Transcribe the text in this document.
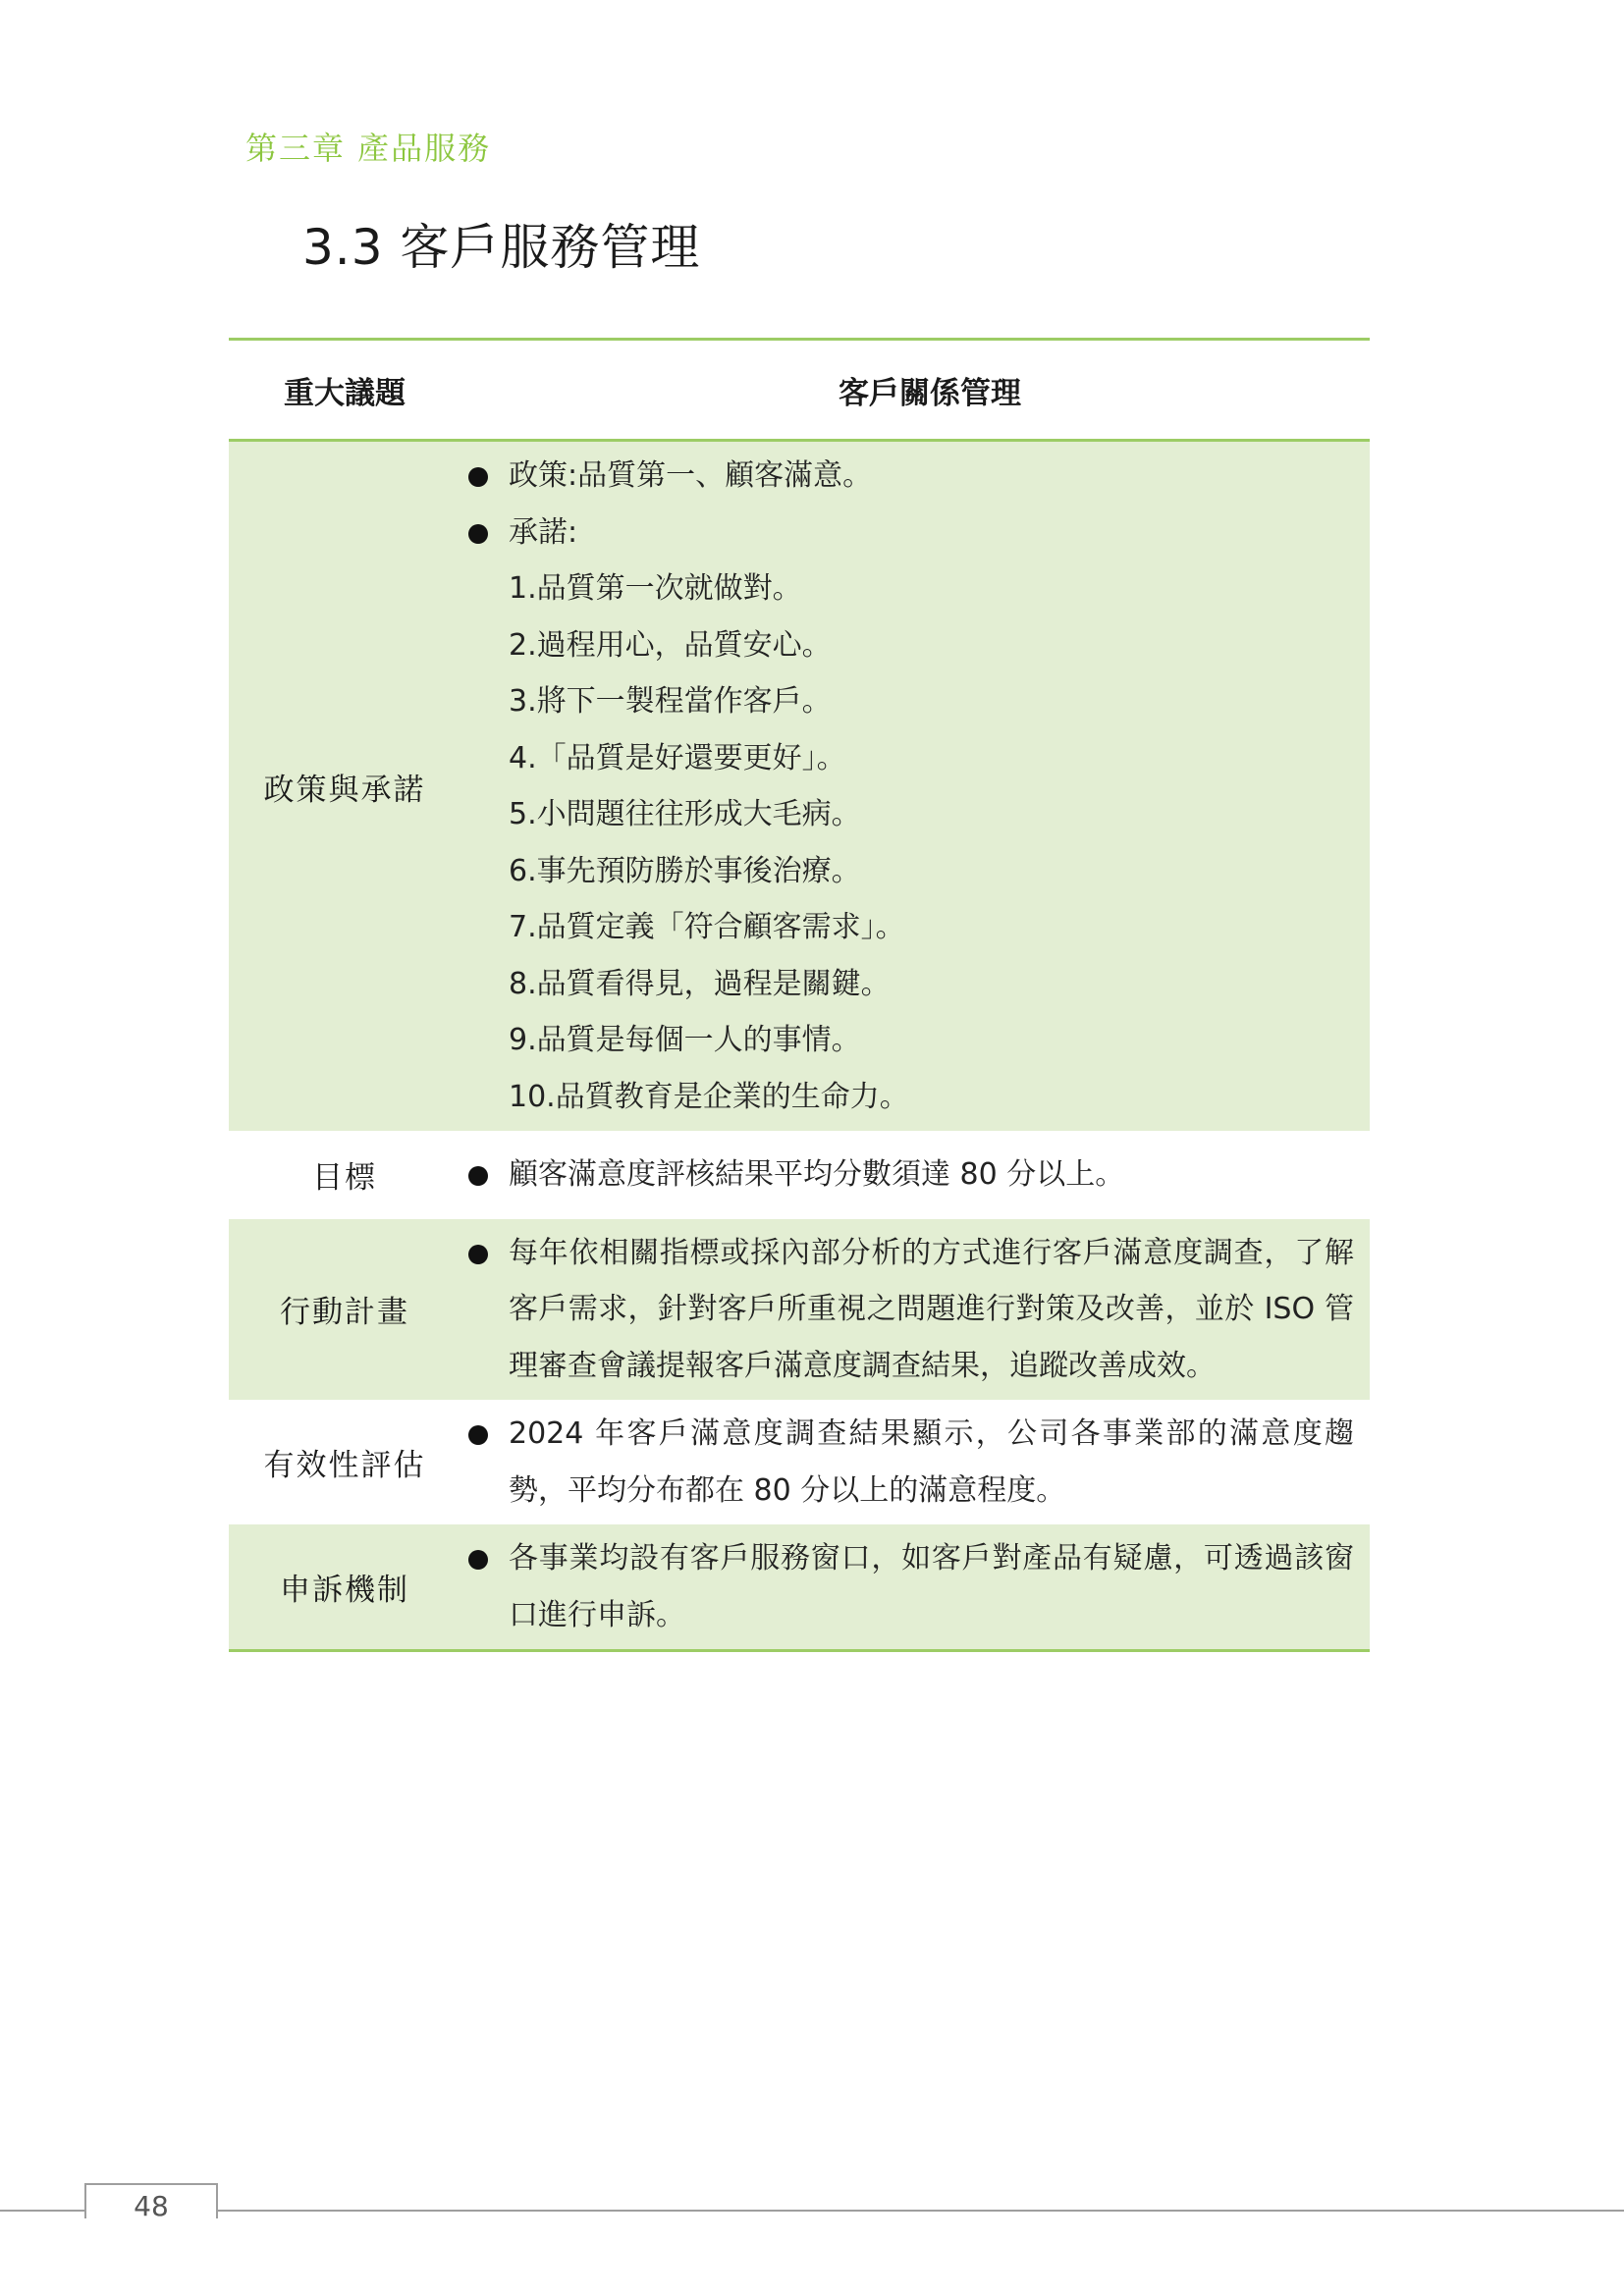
第三章 產品服務
3.3 客戶服務管理
重大議題	客戶關係管理
政策與承諾
政策:品質第一、顧客滿意。
承諾:
1.品質第一次就做對。
2.過程用心，品質安心。
3.將下一製程當作客戶。
4.「品質是好還要更好」。
5.小問題往往形成大毛病。
6.事先預防勝於事後治療。
7.品質定義「符合顧客需求」。
8.品質看得見，過程是關鍵。
9.品質是每個一人的事情。
10.品質教育是企業的生命力。
目標	顧客滿意度評核結果平均分數須達 80 分以上。
行動計畫
每年依相關指標或採內部分析的方式進行客戶滿意度調查，了解客戶需求，針對客戶所重視之問題進行對策及改善，並於 ISO 管理審查會議提報客戶滿意度調查結果，追蹤改善成效。
有效性評估
2024 年客戶滿意度調查結果顯示，公司各事業部的滿意度趨勢，平均分布都在 80 分以上的滿意程度。
申訴機制
各事業均設有客戶服務窗口，如客戶對產品有疑慮，可透過該窗口進行申訴。
48
